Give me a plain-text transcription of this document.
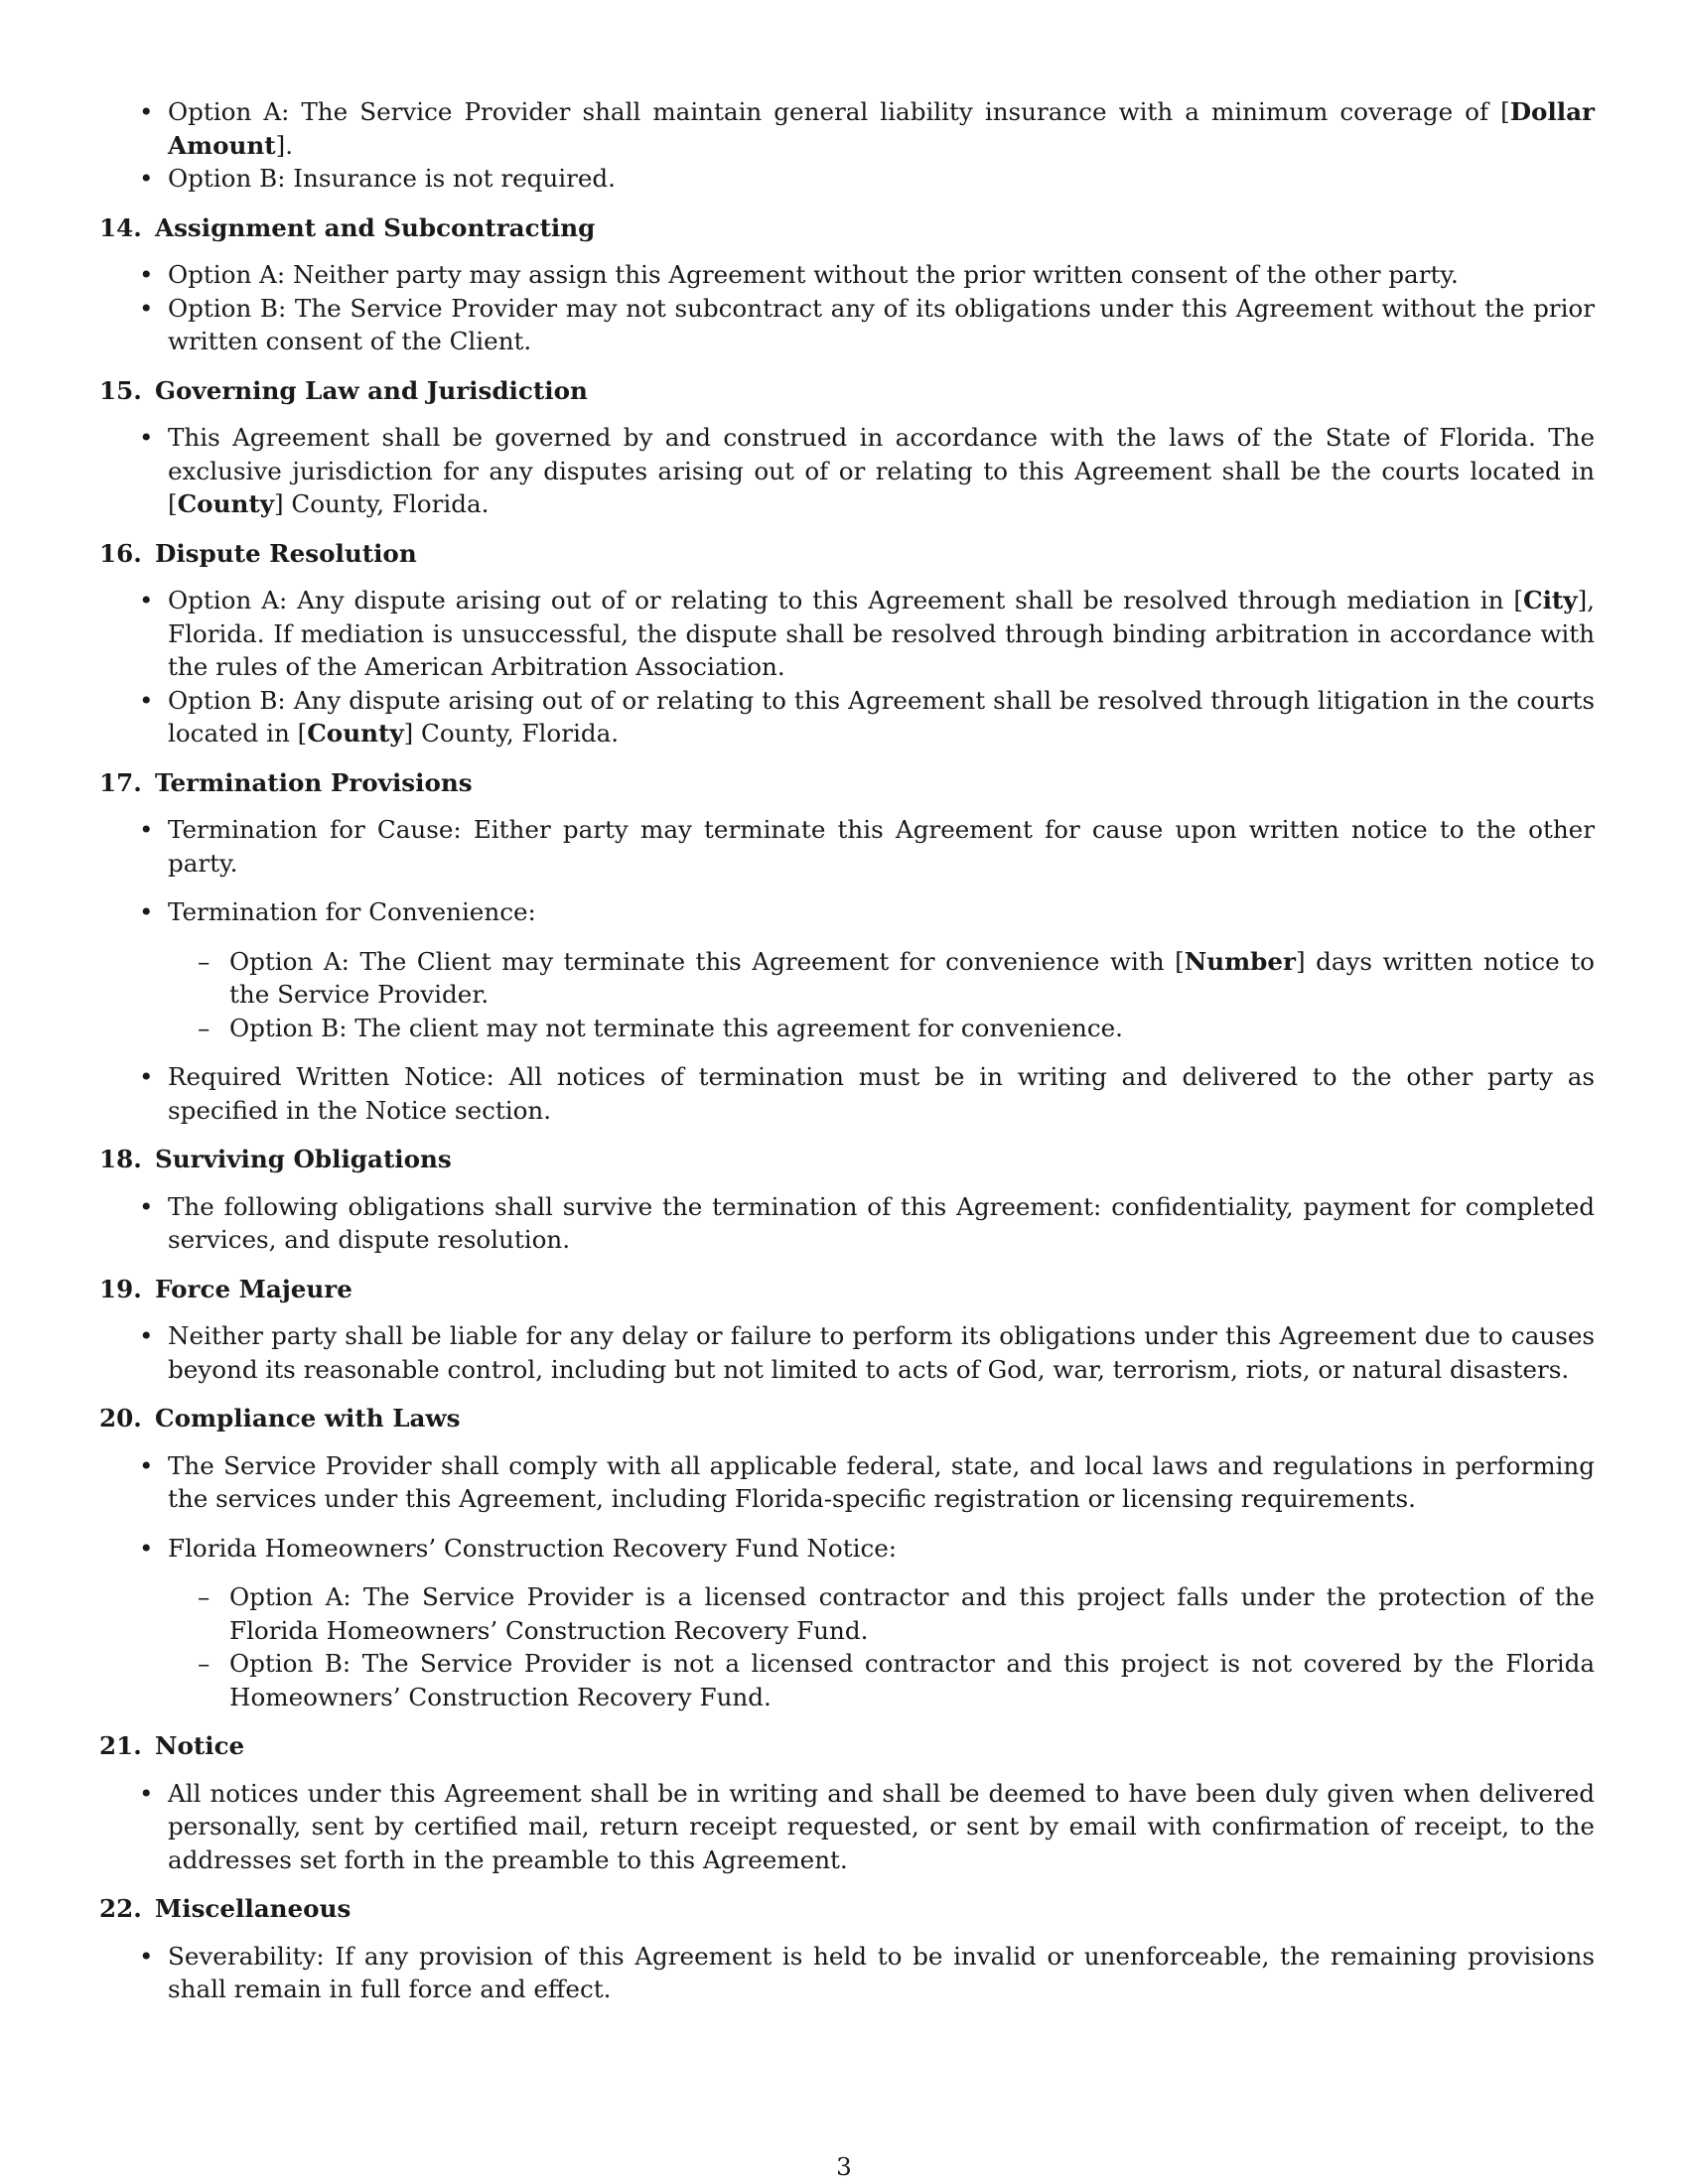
• Option A: The Service Provider shall maintain general liability insurance with a minimum coverage of [Dollar Amount].
• Option B: Insurance is not required.
14. Assignment and Subcontracting
• Option A: Neither party may assign this Agreement without the prior written consent of the other party.
• Option B: The Service Provider may not subcontract any of its obligations under this Agreement without the prior written consent of the Client.
15. Governing Law and Jurisdiction
• This Agreement shall be governed by and construed in accordance with the laws of the State of Florida. The exclusive jurisdiction for any disputes arising out of or relating to this Agreement shall be the courts located in [County] County, Florida.
16. Dispute Resolution
• Option A: Any dispute arising out of or relating to this Agreement shall be resolved through mediation in [City], Florida. If mediation is unsuccessful, the dispute shall be resolved through binding arbitration in accordance with the rules of the American Arbitration Association.
• Option B: Any dispute arising out of or relating to this Agreement shall be resolved through litigation in the courts located in [County] County, Florida.
17. Termination Provisions
• Termination for Cause: Either party may terminate this Agreement for cause upon written notice to the other party.
• Termination for Convenience:
– Option A: The Client may terminate this Agreement for convenience with [Number] days written notice to the Service Provider.
– Option B: The client may not terminate this agreement for convenience.
• Required Written Notice: All notices of termination must be in writing and delivered to the other party as specified in the Notice section.
18. Surviving Obligations
• The following obligations shall survive the termination of this Agreement: confidentiality, payment for completed services, and dispute resolution.
19. Force Majeure
• Neither party shall be liable for any delay or failure to perform its obligations under this Agreement due to causes beyond its reasonable control, including but not limited to acts of God, war, terrorism, riots, or natural disasters.
20. Compliance with Laws
• The Service Provider shall comply with all applicable federal, state, and local laws and regulations in performing the services under this Agreement, including Florida-specific registration or licensing requirements.
• Florida Homeowners’ Construction Recovery Fund Notice:
– Option A: The Service Provider is a licensed contractor and this project falls under the protection of the Florida Homeowners’ Construction Recovery Fund.
– Option B: The Service Provider is not a licensed contractor and this project is not covered by the Florida Homeowners’ Construction Recovery Fund.
21. Notice
• All notices under this Agreement shall be in writing and shall be deemed to have been duly given when delivered personally, sent by certified mail, return receipt requested, or sent by email with confirmation of receipt, to the addresses set forth in the preamble to this Agreement.
22. Miscellaneous
• Severability: If any provision of this Agreement is held to be invalid or unenforceable, the remaining provisions shall remain in full force and effect.
3
